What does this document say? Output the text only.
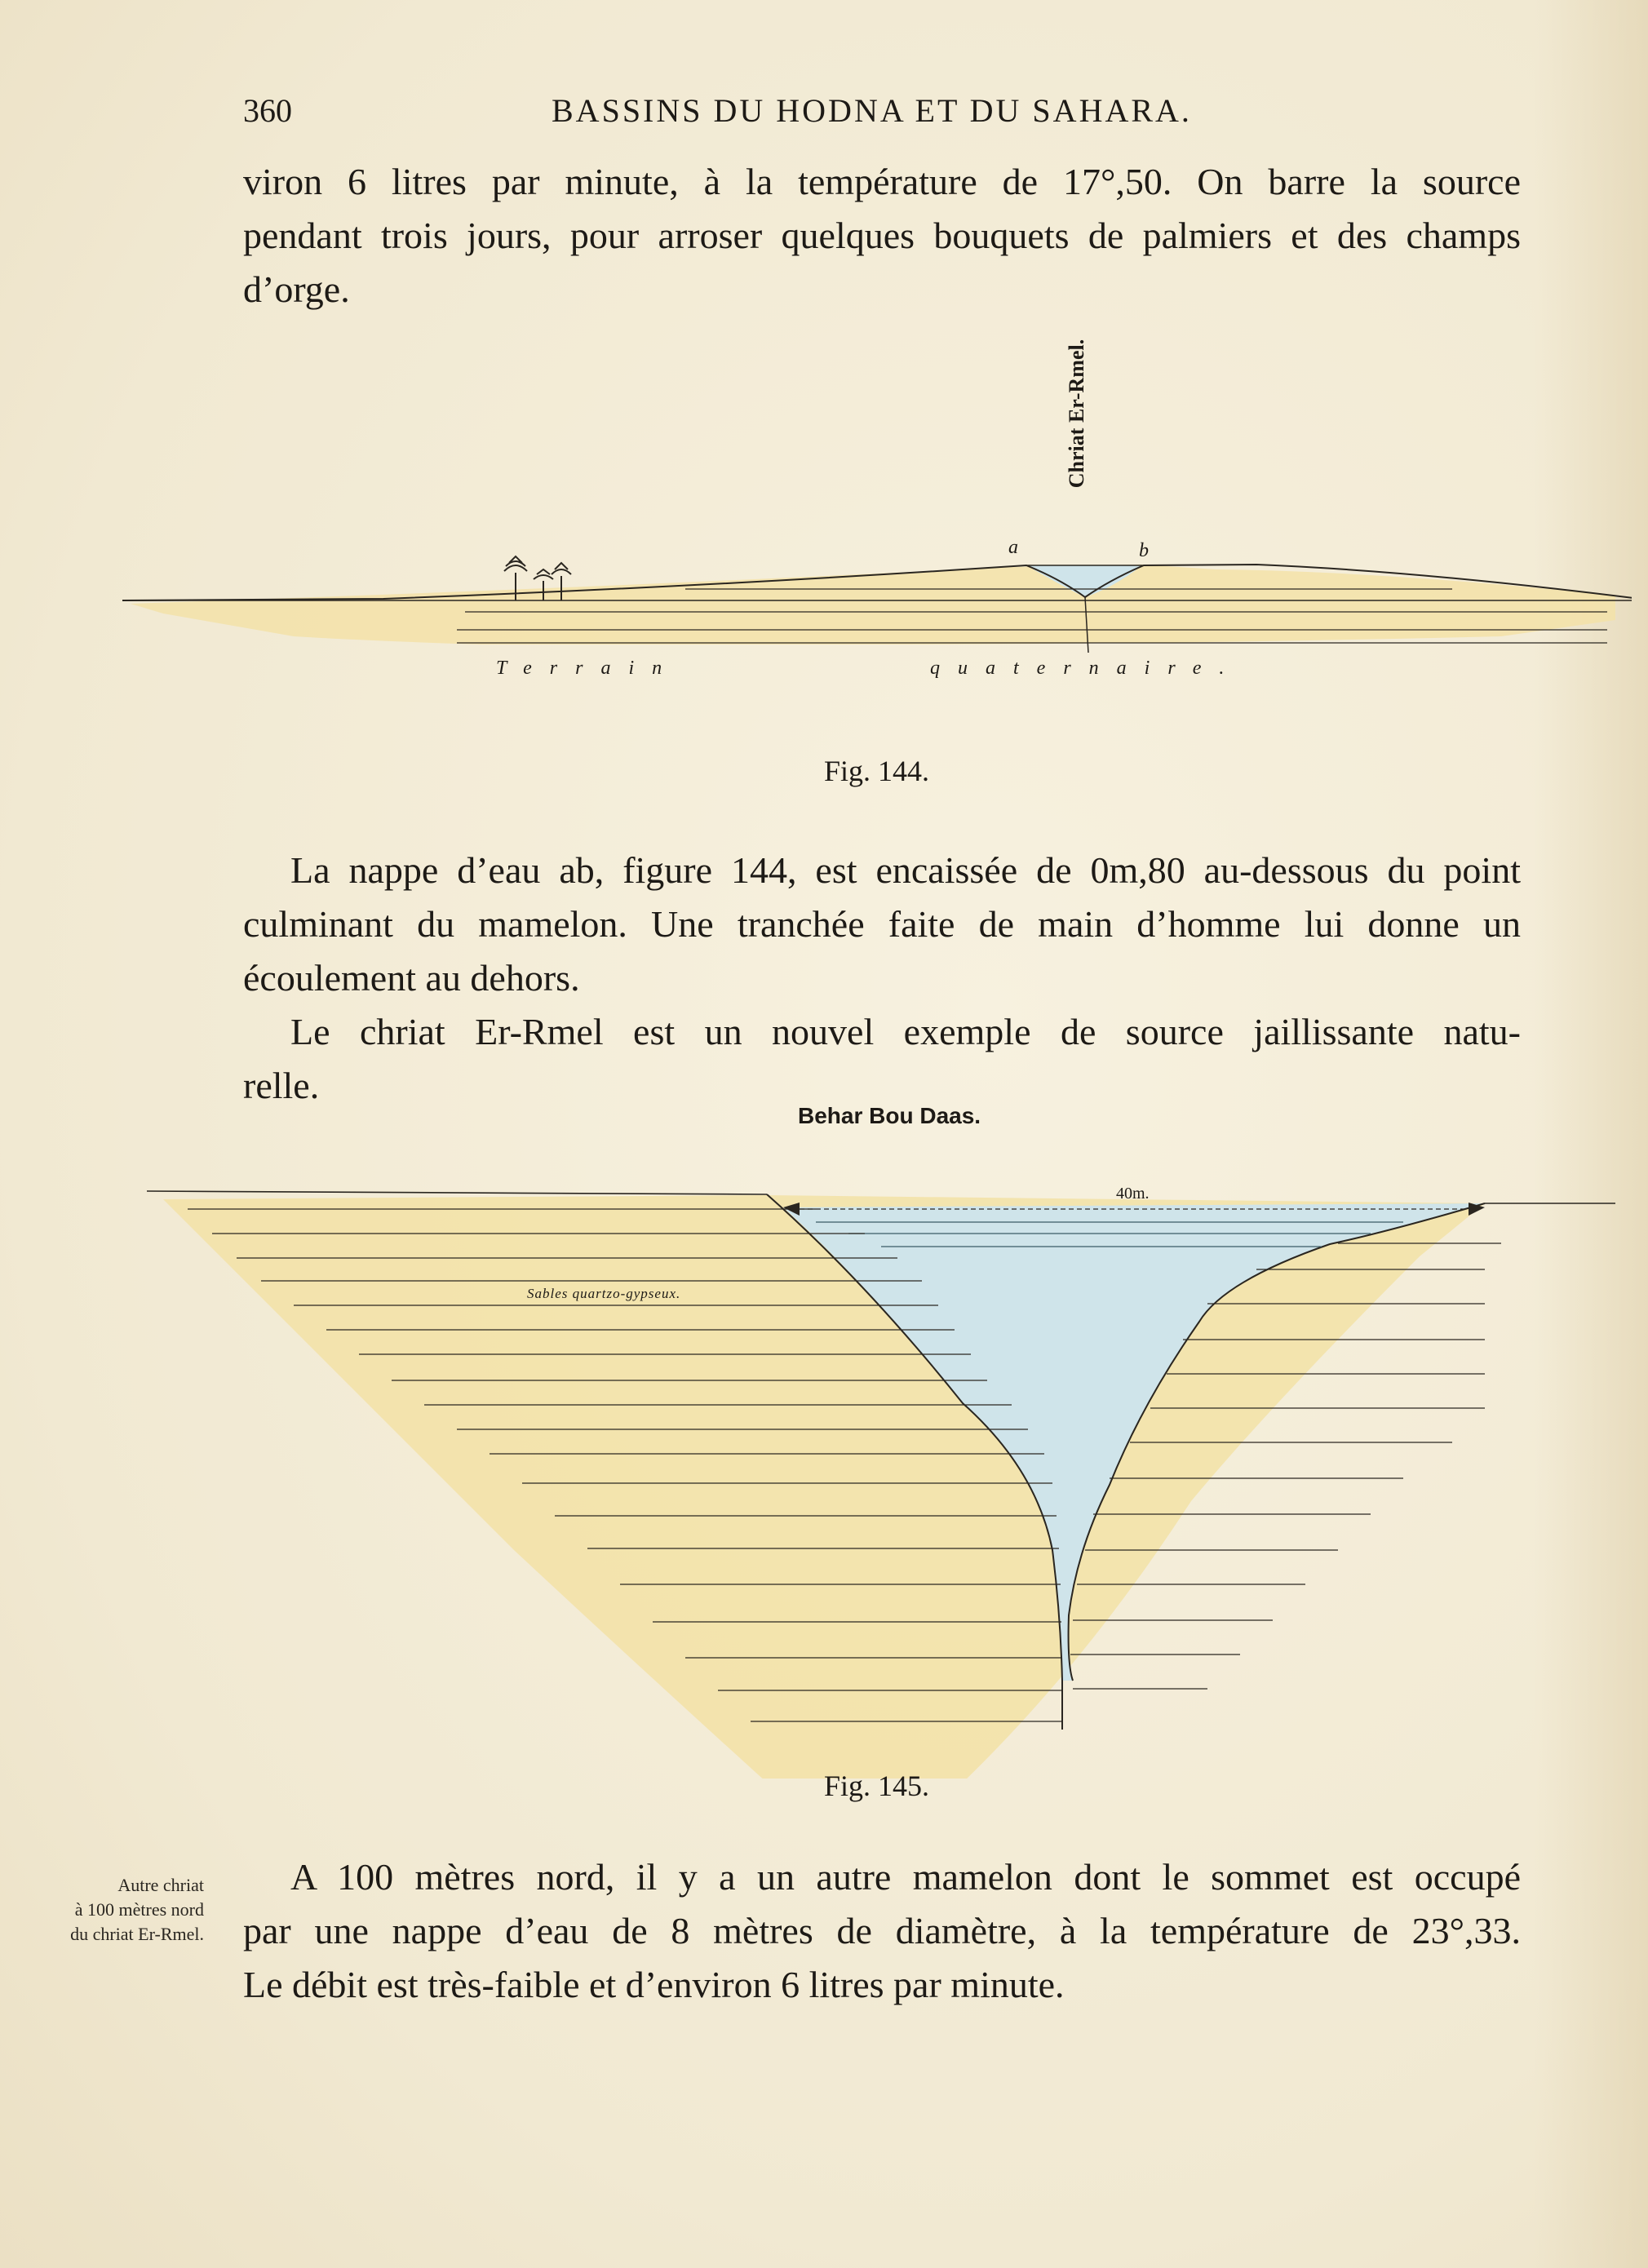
360	BASSINS DU HODNA ET DU SAHARA.

viron 6 litres par minute, à la température de 17°,50. On barre la source
pendant trois jours, pour arroser quelques bouquets de palmiers et des champs
d’orge.

Chriat Er-Rmel.
a	b
Terrain	quaternaire.
Fig. 144.

La nappe d’eau ab, figure 144, est encaissée de 0m,80 au-dessous du point
culminant du mamelon. Une tranchée faite de main d’homme lui donne un
écoulement au dehors.

Le chriat Er-Rmel est un nouvel exemple de source jaillissante natu-
relle.

Behar Bou Daas.
40m.
Sables quartzo-gypseux.
Fig. 145.
Autre chriat
à 100 mètres nord
du chriat Er-Rmel.

A 100 mètres nord, il y a un autre mamelon dont le sommet est occupé
par une nappe d’eau de 8 mètres de diamètre, à la température de 23°,33.
Le débit est très-faible et d’environ 6 litres par minute.
